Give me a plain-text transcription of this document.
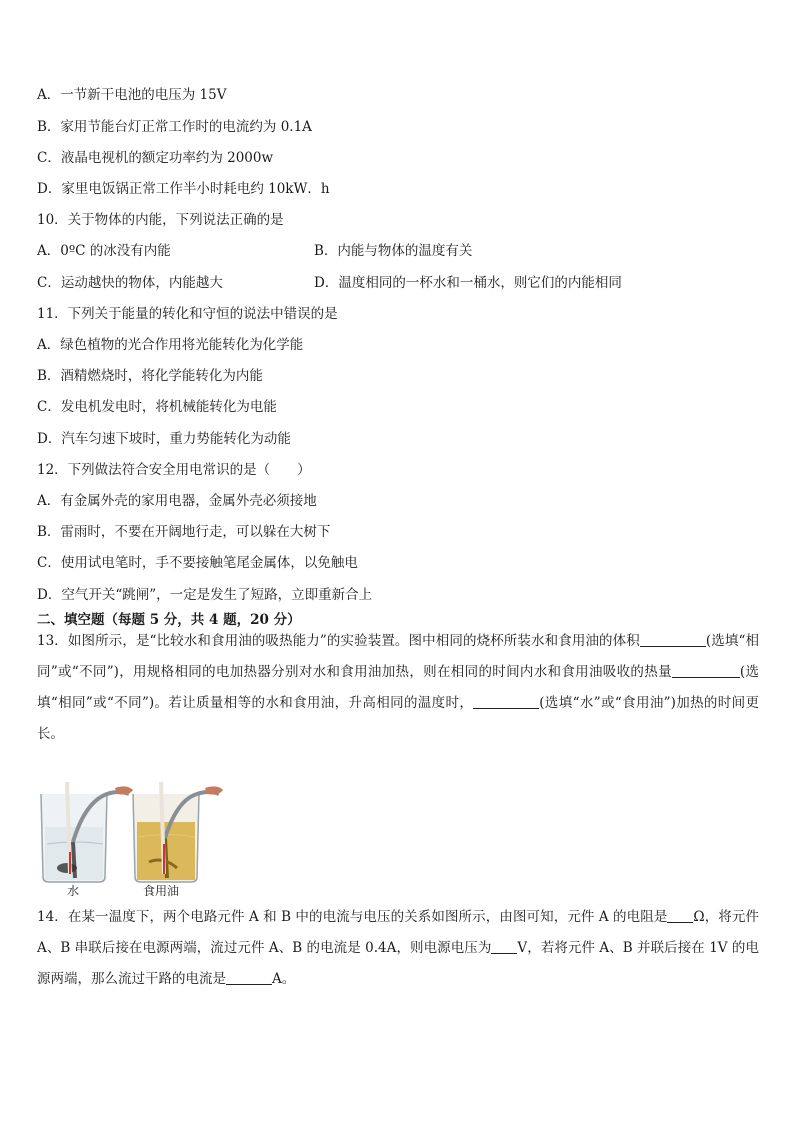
A．一节新干电池的电压为 15V
B．家用节能台灯正常工作时的电流约为 0.1A
C．液晶电视机的额定功率约为 2000w
D．家里电饭锅正常工作半小时耗电约 10kW．h
10．关于物体的内能，下列说法正确的是
A．0ºC 的冰没有内能	B．内能与物体的温度有关
C．运动越快的物体，内能越大	D．温度相同的一杯水和一桶水，则它们的内能相同
11．下列关于能量的转化和守恒的说法中错误的是
A．绿色植物的光合作用将光能转化为化学能
B．酒精燃烧时，将化学能转化为内能
C．发电机发电时，将机械能转化为电能
D．汽车匀速下坡时，重力势能转化为动能
12．下列做法符合安全用电常识的是（　　）
A．有金属外壳的家用电器，金属外壳必须接地
B．雷雨时，不要在开阔地行走，可以躲在大树下
C．使用试电笔时，手不要接触笔尾金属体，以免触电
D．空气开关“跳闸”，一定是发生了短路，立即重新合上
二、填空题（每题 5 分，共 4 题，20 分）
13．如图所示，是“比较水和食用油的吸热能力”的实验装置。图中相同的烧杯所装水和食用油的体积	(选填“相同”或“不同”)，用规格相同的电加热器分别对水和食用油加热，则在相同的时间内水和食用油吸收的热量	(选填“相同”或“不同”)。若让质量相等的水和食用油，升高相同的温度时，	(选填“水”或“食用油”)加热的时间更长。
水	食用油
14．在某一温度下，两个电路元件 A 和 B 中的电流与电压的关系如图所示，由图可知，元件 A 的电阻是 Ω，将元件 A、B 串联后接在电源两端，流过元件 A、B 的电流是 0.4A，则电源电压为 V，若将元件 A、B 并联后接在 1V 的电源两端，那么流过干路的电流是	A。
